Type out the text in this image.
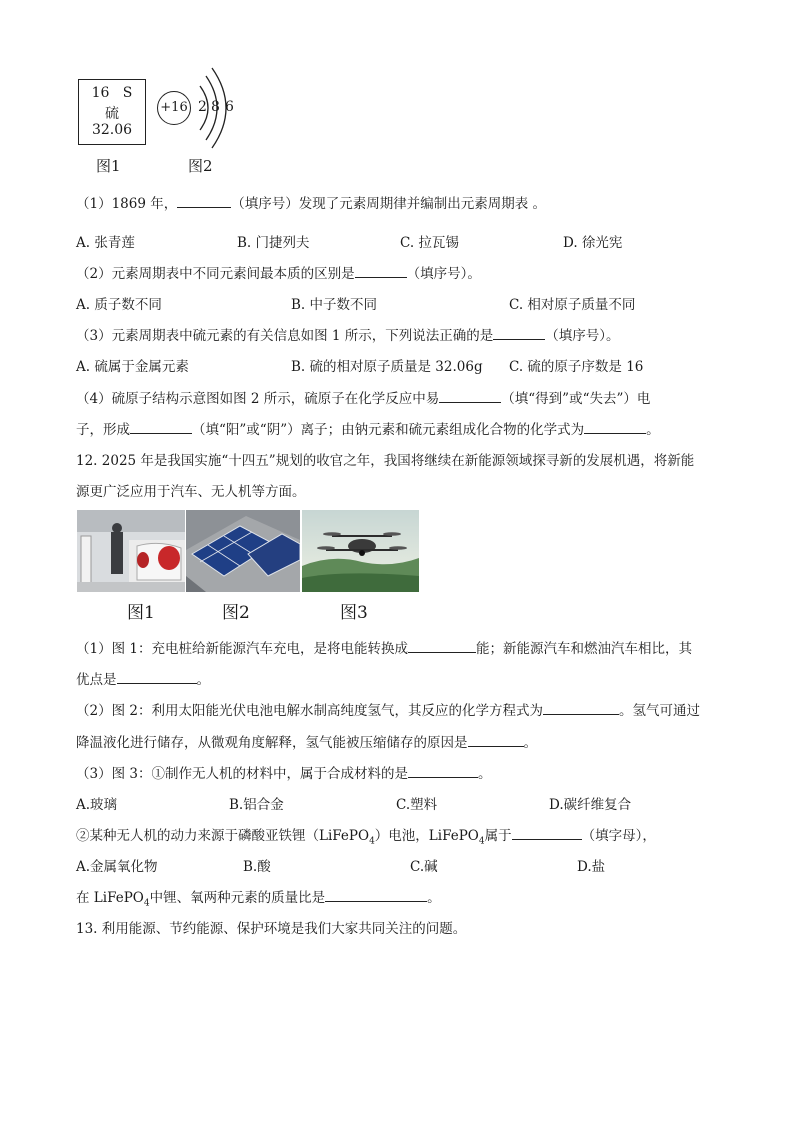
16 S
硫
32.06
+16 2 8 6
图1	图2
（1）1869 年，	（填序号）发现了元素周期律并编制出元素周期表 。
A. 张青莲	B. 门捷列夫	C. 拉瓦锡	D. 徐光宪
（2）元素周期表中不同元素间最本质的区别是	（填序号）。
A. 质子数不同	B. 中子数不同	C. 相对原子质量不同
（3）元素周期表中硫元素的有关信息如图 1 所示，下列说法正确的是	（填序号）。
A. 硫属于金属元素	B. 硫的相对原子质量是 32.06g C. 硫的原子序数是 16
（4）硫原子结构示意图如图 2 所示，硫原子在化学反应中易	（填“得到”或“失去”）电
子，形成	（填“阳”或“阴”）离子；由钠元素和硫元素组成化合物的化学式为	。
12. 2025 年是我国实施“十四五”规划的收官之年，我国将继续在新能源领域探寻新的发展机遇，将新能
源更广泛应用于汽车、无人机等方面。
图1	图2	图3
（1）图 1：充电桩给新能源汽车充电，是将电能转换成	能；新能源汽车和燃油汽车相比，其
优点是	。
（2）图 2：利用太阳能光伏电池电解水制高纯度氢气，其反应的化学方程式为	。氢气可通过
降温液化进行储存，从微观角度解释，氢气能被压缩储存的原因是	。
（3）图 3：①制作无人机的材料中，属于合成材料的是	。
A.玻璃	B.铝合金	C.塑料	D.碳纤维复合
②某种无人机的动力来源于磷酸亚铁锂（LiFePO$_4$）电池，LiFePO$_4$属于	（填字母），
A.金属氧化物	B.酸	C.碱	D.盐
在 LiFePO$_4$中锂、氧两种元素的质量比是	。
13. 利用能源、节约能源、保护环境是我们大家共同关注的问题。
